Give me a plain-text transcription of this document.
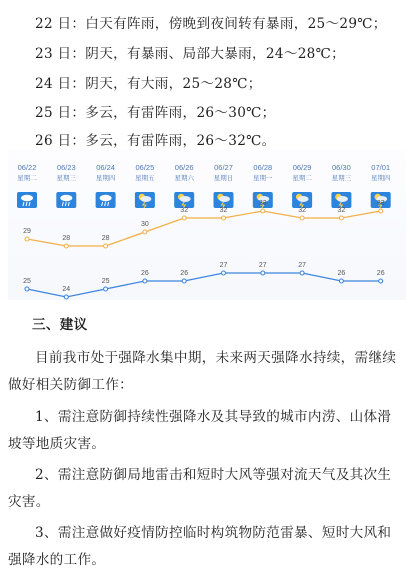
22 日：白天有阵雨，傍晚到夜间转有暴雨，25～29℃；
23 日：阴天，有暴雨、局部大暴雨，24～28℃；
24 日：阴天，有大雨，25～28℃；
25 日：多云，有雷阵雨，26～30℃；
26 日：多云，有雷阵雨，26～32℃。
06/22
星期二
06/23
星期三
06/24
星期四
06/25
星期五
06/26
星期六
06/27
星期日
06/28
星期一
06/29
星期二
06/30
星期三
07/01
星期四
29
25
28
24
28
25
30
26
32
26
32
27
33
27
32
27
32
26
33
26
三、建议
目前我市处于强降水集中期，未来两天强降水持续，需继续
做好相关防御工作：
1、需注意防御持续性强降水及其导致的城市内涝、山体滑
坡等地质灾害。
2、需注意防御局地雷击和短时大风等强对流天气及其次生
灾害。
3、需注意做好疫情防控临时构筑物防范雷暴、短时大风和
强降水的工作。
